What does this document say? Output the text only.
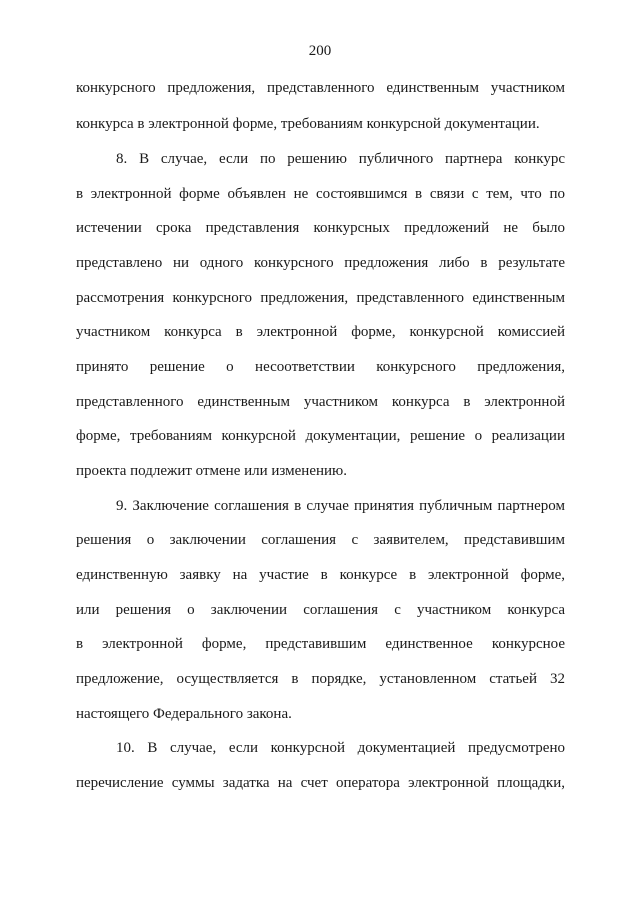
200
конкурсного предложения, представленного единственным участником
конкурса в электронной форме, требованиям конкурсной документации.
8. В случае, если по решению публичного партнера конкурс
в электронной форме объявлен не состоявшимся в связи с тем, что по
истечении срока представления конкурсных предложений не было
представлено ни одного конкурсного предложения либо в результате
рассмотрения конкурсного предложения, представленного единственным
участником конкурса в электронной форме, конкурсной комиссией
принято решение о несоответствии конкурсного предложения,
представленного единственным участником конкурса в электронной
форме, требованиям конкурсной документации, решение о реализации
проекта подлежит отмене или изменению.
9. Заключение соглашения в случае принятия публичным партнером
решения о заключении соглашения с заявителем, представившим
единственную заявку на участие в конкурсе в электронной форме,
или решения о заключении соглашения с участником конкурса
в электронной форме, представившим единственное конкурсное
предложение, осуществляется в порядке, установленном статьей 32
настоящего Федерального закона.
10. В случае, если конкурсной документацией предусмотрено
перечисление суммы задатка на счет оператора электронной площадки,
